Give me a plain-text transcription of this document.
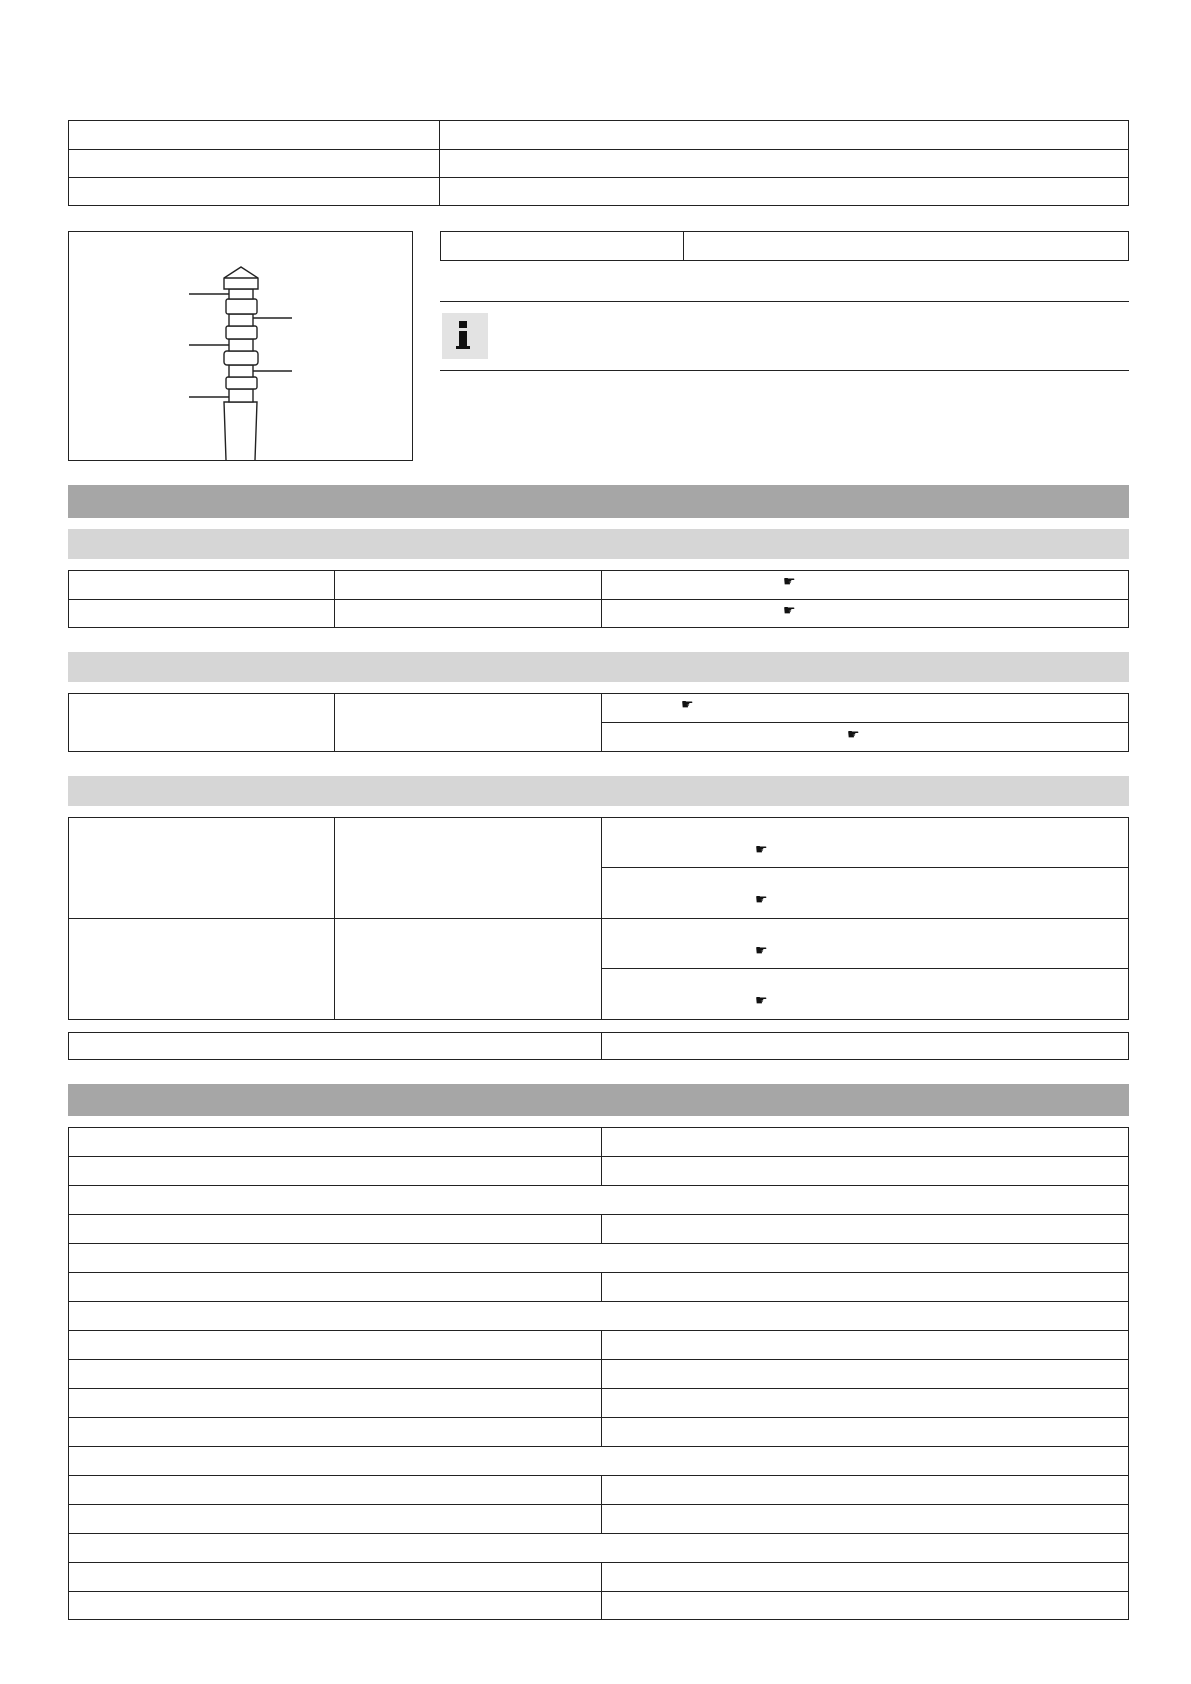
☛
☛
☛
☛
☛
☛
☛
☛
